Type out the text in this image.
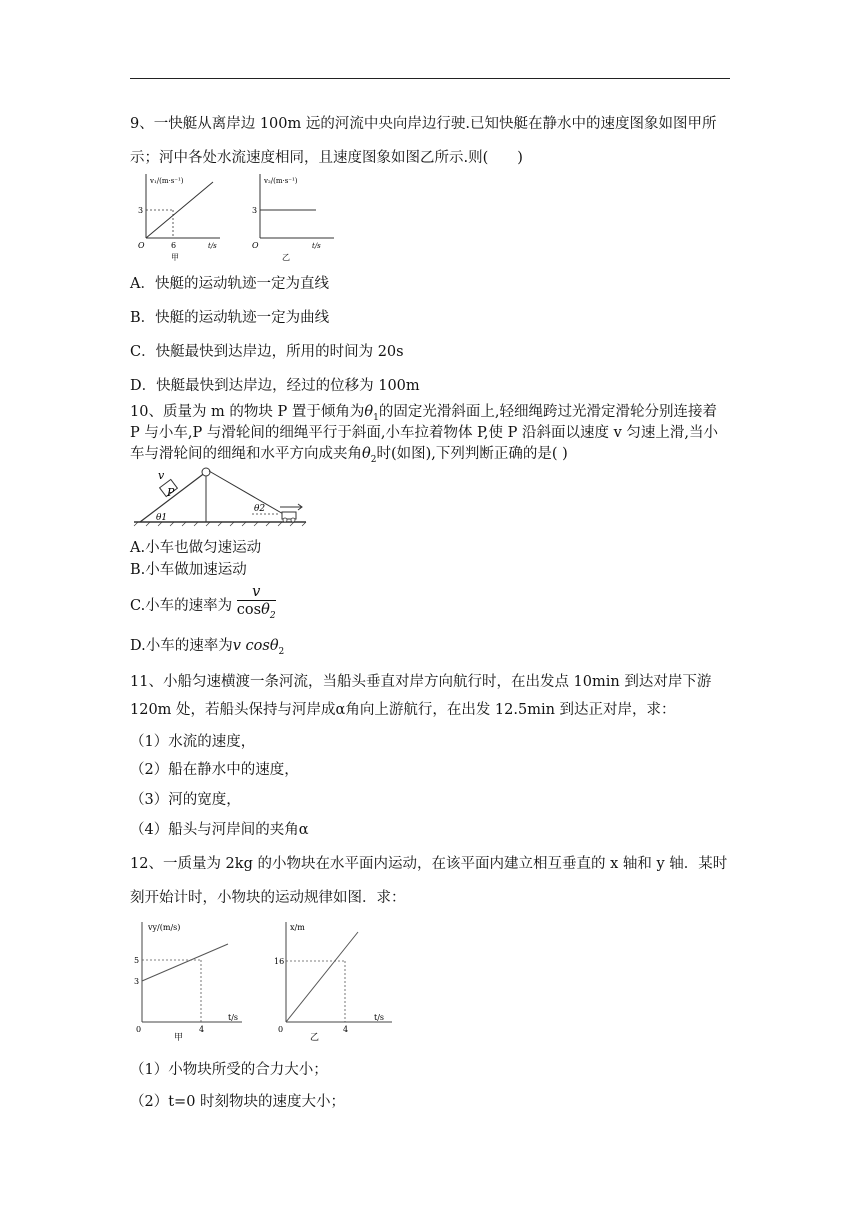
9、一快艇从离岸边 100m 远的河流中央向岸边行驶.已知快艇在静水中的速度图象如图甲所
示；河中各处水流速度相同，且速度图象如图乙所示.则(　　)
v₁/(m·s⁻¹)
3
6
O	t/s
甲
v₂/(m·s⁻¹)
3
O	t/s
乙
A．快艇的运动轨迹一定为直线
B．快艇的运动轨迹一定为曲线
C．快艇最快到达岸边，所用的时间为 20s
D．快艇最快到达岸边，经过的位移为 100m
10、质量为 m 的物块 P 置于倾角为$\theta_1$的固定光滑斜面上,轻细绳跨过光滑定滑轮分别连接着
P 与小车,P 与滑轮间的细绳平行于斜面,小车拉着物体 P,使 P 沿斜面以速度 v 匀速上滑,当小
车与滑轮间的细绳和水平方向成夹角$\theta_2$时(如图),下列判断正确的是( )
P
v
θ1
θ2
A.小车也做匀速运动
B.小车做加速运动
C.小车的速率为 $\frac{v}{\cos\theta_2}$
D.小车的速率为v cosθ$_2$
11、小船匀速横渡一条河流，当船头垂直对岸方向航行时，在出发点 10min 到达对岸下游
120m 处，若船头保持与河岸成α角向上游航行，在出发 12.5min 到达正对岸，求：
（1）水流的速度，
（2）船在静水中的速度，
（3）河的宽度，
（4）船头与河岸间的夹角α
12、一质量为 2kg 的小物块在水平面内运动，在该平面内建立相互垂直的 x 轴和 y 轴．某时
刻开始计时，小物块的运动规律如图．求：
vy/(m/s)
5
3
4
0
t/s
甲
x/m
16
4
0
t/s
乙
（1）小物块所受的合力大小；
（2）t=0 时刻物块的速度大小；
